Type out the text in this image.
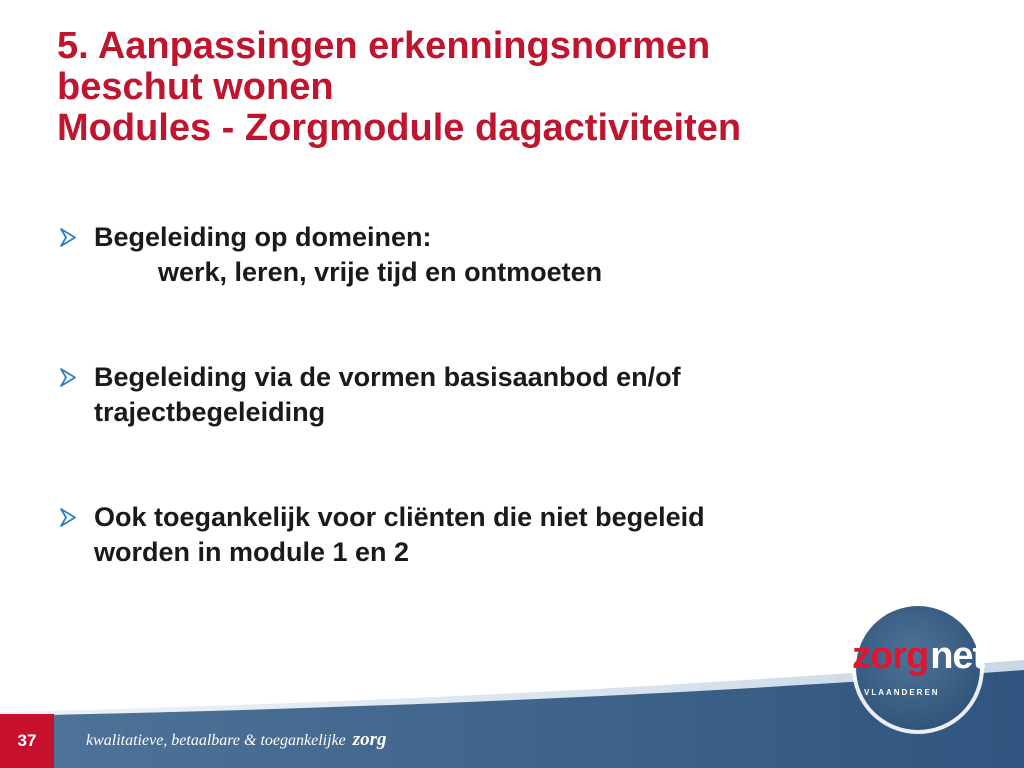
5. Aanpassingen erkenningsnormen
beschut wonen
Modules - Zorgmodule dagactiviteiten
Begeleiding op domeinen:
werk, leren, vrije tijd en ontmoeten
Begeleiding via de vormen basisaanbod en/of
trajectbegeleiding
Ook toegankelijk voor cliënten die niet begeleid
worden in module 1 en 2
zorgnet
VLAANDEREN
37	kwalitatieve, betaalbare & toegankelijke zorg
